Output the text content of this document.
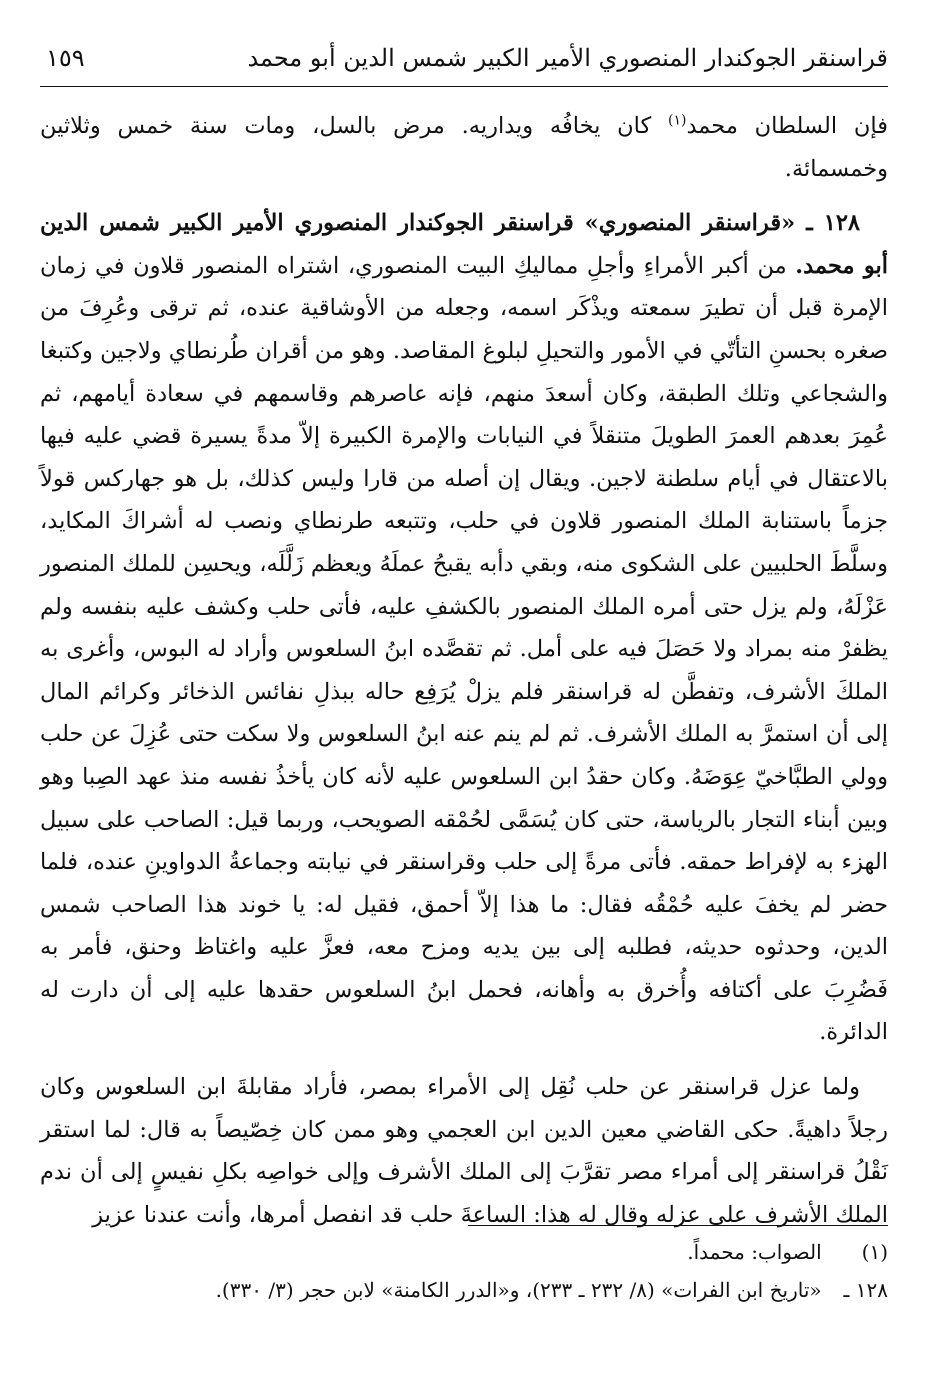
قراسنقر الجوكندار المنصوري الأمير الكبير شمس الدين أبو محمد
١٥٩

فإن السلطان محمد$^{(١)}$ كان يخافُه ويداريه. مرض بالسل، ومات سنة خمس وثلاثين وخمسمائة.

١٢٨ ـ «قراسنقر المنصوري» قراسنقر الجوكندار المنصوري الأمير الكبير شمس الدين أبو محمد. من أكبر الأمراءِ وأجلِ مماليكِ البيت المنصوري، اشتراه المنصور قلاون في زمان الإمرة قبل أن تطيرَ سمعته ويذْكَر اسمه، وجعله من الأوشاقية عنده، ثم ترقى وعُرِفَ من صغره بحسنِ التأتّي في الأمور والتحيلِ لبلوغ المقاصد. وهو من أقران طُرنطاي ولاجين وكتبغا والشجاعي وتلك الطبقة، وكان أسعدَ منهم، فإنه عاصرهم وقاسمهم في سعادة أيامهم، ثم عُمِرَ بعدهم العمرَ الطويلَ متنقلاً في النيابات والإمرة الكبيرة إلاّ مدةً يسيرة قضي عليه فيها بالاعتقال في أيام سلطنة لاجين. ويقال إن أصله من قارا وليس كذلك، بل هو جهاركس قولاً جزماً باستنابة الملك المنصور قلاون في حلب، وتتبعه طرنطاي ونصب له أشراكَ المكايد، وسلَّطَ الحلبيين على الشكوى منه، وبقي دأبه يقبحُ عملَهُ ويعظم زَلَّلَه، ويحسِن للملك المنصور عَزْلَهُ، ولم يزل حتى أمره الملك المنصور بالكشفِ عليه، فأتى حلب وكشف عليه بنفسه ولم يظفرْ منه بمراد ولا حَصَلَ فيه على أمل. ثم تقصَّده ابنُ السلعوس وأراد له البوس، وأغرى به الملكَ الأشرف، وتفطَّن له قراسنقر فلم يزلْ يُرَفِع حاله ببذلِ نفائس الذخائر وكرائم المال إلى أن استمرَّ به الملك الأشرف. ثم لم ينم عنه ابنُ السلعوس ولا سكت حتى عُزِلَ عن حلب وولي الطبَّاخيّ عِوَضَهُ. وكان حقدُ ابن السلعوس عليه لأنه كان يأخذُ نفسه منذ عهد الصِبا وهو وبين أبناء التجار بالرياسة، حتى كان يُسَمَّى لحُمْقه الصويحب، وربما قيل: الصاحب على سبيل الهزء به لإفراط حمقه. فأتى مرةً إلى حلب وقراسنقر في نيابته وجماعةُ الدواوينِ عنده، فلما حضر لم يخفَ عليه حُمْقُه فقال: ما هذا إلاّ أحمق، فقيل له: يا خوند هذا الصاحب شمس الدين، وحدثوه حديثه، فطلبه إلى بين يديه ومزح معه، فعزَّ عليه واغتاظ وحنق، فأمر به فَضُرِبَ على أكتافه وأُخرق به وأهانه، فحمل ابنُ السلعوس حقدها عليه إلى أن دارت له الدائرة.

ولما عزل قراسنقر عن حلب نُقِل إلى الأمراء بمصر، فأراد مقابلةَ ابن السلعوس وكان رجلاً داهيةً. حكى القاضي معين الدين ابن العجمي وهو ممن كان خِصّيصاً به قال: لما استقر نَقْلُ قراسنقر إلى أمراء مصر تقرَّبَ إلى الملك الأشرف وإلى خواصِه بكلِ نفيسٍ إلى أن ندم الملك الأشرف على عزله وقال له هذا: الساعةَ حلب قد انفصل أمرها، وأنت عندنا عزيز

(١) الصواب: محمداً.
١٢٨ ـ «تاريخ ابن الفرات» (٨/ ٢٣٢ ـ ٢٣٣)، و«الدرر الكامنة» لابن حجر (٣/ ٣٣٠).
